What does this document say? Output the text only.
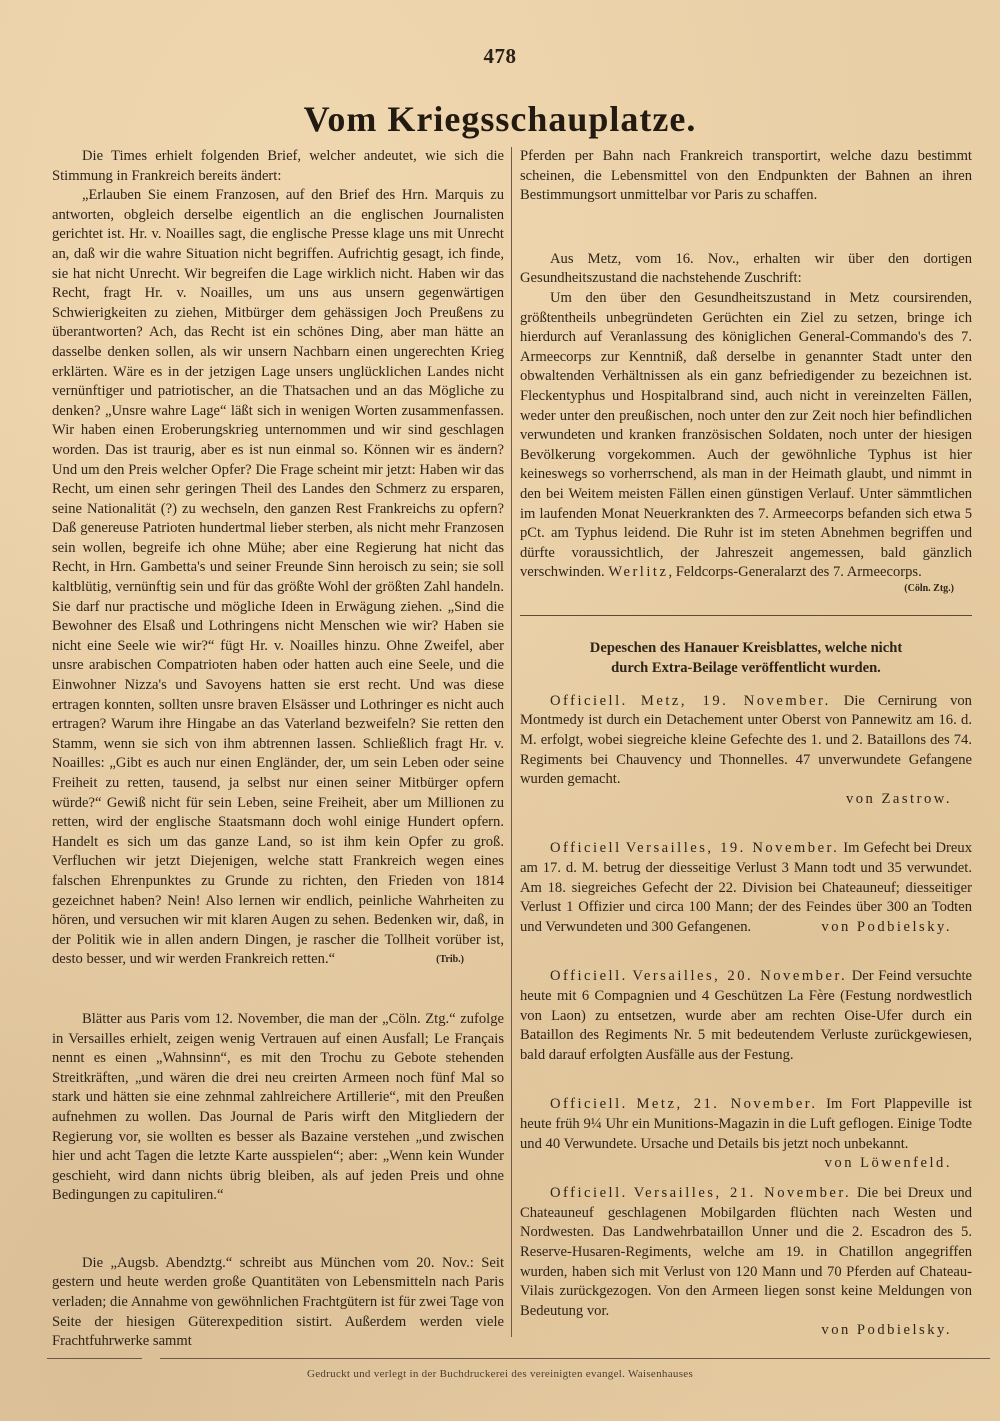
478
Vom Kriegsschauplatze.

Die Times erhielt folgenden Brief, welcher andeutet, wie sich die Stimmung in Frankreich bereits ändert:

„Erlauben Sie einem Franzosen, auf den Brief des Hrn. Marquis zu antworten, obgleich derselbe eigentlich an die englischen Journalisten gerichtet ist. Hr. v. Noailles sagt, die englische Presse klage uns mit Unrecht an, daß wir die wahre Situation nicht begriffen. Aufrichtig gesagt, ich finde, sie hat nicht Unrecht. Wir begreifen die Lage wirklich nicht. Haben wir das Recht, fragt Hr. v. Noailles, um uns aus unsern gegenwärtigen Schwierigkeiten zu ziehen, Mitbürger dem gehässigen Joch Preußens zu überantworten? Ach, das Recht ist ein schönes Ding, aber man hätte an dasselbe denken sollen, als wir unsern Nachbarn einen ungerechten Krieg erklärten. Wäre es in der jetzigen Lage unsers unglücklichen Landes nicht vernünftiger und patriotischer, an die Thatsachen und an das Mögliche zu denken? „Unsre wahre Lage“ läßt sich in wenigen Worten zusammenfassen. Wir haben einen Eroberungskrieg unternommen und wir sind geschlagen worden. Das ist traurig, aber es ist nun einmal so. Können wir es ändern? Und um den Preis welcher Opfer? Die Frage scheint mir jetzt: Haben wir das Recht, um einen sehr geringen Theil des Landes den Schmerz zu ersparen, seine Nationalität (?) zu wechseln, den ganzen Rest Frankreichs zu opfern? Daß genereuse Patrioten hundertmal lieber sterben, als nicht mehr Franzosen sein wollen, begreife ich ohne Mühe; aber eine Regierung hat nicht das Recht, in Hrn. Gambetta's und seiner Freunde Sinn heroisch zu sein; sie soll kaltblütig, vernünftig sein und für das größte Wohl der größten Zahl handeln. Sie darf nur practische und mögliche Ideen in Erwägung ziehen. „Sind die Bewohner des Elsaß und Lothringens nicht Menschen wie wir? Haben sie nicht eine Seele wie wir?“ fügt Hr. v. Noailles hinzu. Ohne Zweifel, aber unsre arabischen Compatrioten haben oder hatten auch eine Seele, und die Einwohner Nizza's und Savoyens hatten sie erst recht. Und was diese ertragen konnten, sollten unsre braven Elsässer und Lothringer es nicht auch ertragen? Warum ihre Hingabe an das Vaterland bezweifeln? Sie retten den Stamm, wenn sie sich von ihm abtrennen lassen. Schließlich fragt Hr. v. Noailles: „Gibt es auch nur einen Engländer, der, um sein Leben oder seine Freiheit zu retten, tausend, ja selbst nur einen seiner Mitbürger opfern würde?“ Gewiß nicht für sein Leben, seine Freiheit, aber um Millionen zu retten, wird der englische Staatsmann doch wohl einige Hundert opfern. Handelt es sich um das ganze Land, so ist ihm kein Opfer zu groß. Verfluchen wir jetzt Diejenigen, welche statt Frankreich wegen eines falschen Ehrenpunktes zu Grunde zu richten, den Frieden von 1814 gezeichnet haben? Nein! Also lernen wir endlich, peinliche Wahrheiten zu hören, und versuchen wir mit klaren Augen zu sehen. Bedenken wir, daß, in der Politik wie in allen andern Dingen, je rascher die Tollheit vorüber ist, desto besser, und wir werden Frankreich retten.“	(Trib.)

Blätter aus Paris vom 12. November, die man der „Cöln. Ztg.“ zufolge in Versailles erhielt, zeigen wenig Vertrauen auf einen Ausfall; Le Français nennt es einen „Wahnsinn“, es mit den Trochu zu Gebote stehenden Streitkräften, „und wären die drei neu creirten Armeen noch fünf Mal so stark und hätten sie eine zehnmal zahlreichere Artillerie“, mit den Preußen aufnehmen zu wollen. Das Journal de Paris wirft den Mitgliedern der Regierung vor, sie wollten es besser als Bazaine verstehen „und zwischen hier und acht Tagen die letzte Karte ausspielen“; aber: „Wenn kein Wunder geschieht, wird dann nichts übrig bleiben, als auf jeden Preis und ohne Bedingungen zu capituliren.“

Die „Augsb. Abendztg.“ schreibt aus München vom 20. Nov.: Seit gestern und heute werden große Quantitäten von Lebensmitteln nach Paris verladen; die Annahme von gewöhnlichen Frachtgütern ist für zwei Tage von Seite der hiesigen Güterexpedition sistirt. Außerdem werden viele Frachtfuhrwerke sammt

Pferden per Bahn nach Frankreich transportirt, welche dazu bestimmt scheinen, die Lebensmittel von den Endpunkten der Bahnen an ihren Bestimmungsort unmittelbar vor Paris zu schaffen.

Aus Metz, vom 16. Nov., erhalten wir über den dortigen Gesundheitszustand die nachstehende Zuschrift:

Um den über den Gesundheitszustand in Metz coursirenden, größtentheils unbegründeten Gerüchten ein Ziel zu setzen, bringe ich hierdurch auf Veranlassung des königlichen General-Commando's des 7. Armeecorps zur Kenntniß, daß derselbe in genannter Stadt unter den obwaltenden Verhältnissen als ein ganz befriedigender zu bezeichnen ist. Fleckentyphus und Hospitalbrand sind, auch nicht in vereinzelten Fällen, weder unter den preußischen, noch unter den zur Zeit noch hier befindlichen verwundeten und kranken französischen Soldaten, noch unter der hiesigen Bevölkerung vorgekommen. Auch der gewöhnliche Typhus ist hier keineswegs so vorherrschend, als man in der Heimath glaubt, und nimmt in den bei Weitem meisten Fällen einen günstigen Verlauf. Unter sämmtlichen im laufenden Monat Neuerkrankten des 7. Armeecorps befanden sich etwa 5 pCt. am Typhus leidend. Die Ruhr ist im steten Abnehmen begriffen und dürfte voraussichtlich, der Jahreszeit angemessen, bald gänzlich verschwinden. Werlitz, Feldcorps-Generalarzt des 7. Armeecorps.

(Cöln. Ztg.)
Depeschen des Hanauer Kreisblattes, welche nicht
durch Extra-Beilage veröffentlicht wurden.

Officiell. Metz, 19. November. Die Cernirung von Montmedy ist durch ein Detachement unter Oberst von Pannewitz am 16. d. M. erfolgt, wobei siegreiche kleine Gefechte des 1. und 2. Bataillons des 74. Regiments bei Chauvency und Thonnelles. 47 unverwundete Gefangene wurden gemacht.

von Zastrow.

Officiell Versailles, 19. November. Im Gefecht bei Dreux am 17. d. M. betrug der diesseitige Verlust 3 Mann todt und 35 verwundet. Am 18. siegreiches Gefecht der 22. Division bei Chateauneuf; diesseitiger Verlust 1 Offizier und circa 100 Mann; der des Feindes über 300 an Todten und Verwundeten und 300 Gefangenen.	von Podbielsky.

Officiell. Versailles, 20. November. Der Feind versuchte heute mit 6 Compagnien und 4 Geschützen La Fère (Festung nordwestlich von Laon) zu entsetzen, wurde aber am rechten Oise-Ufer durch ein Bataillon des Regiments Nr. 5 mit bedeutendem Verluste zurückgewiesen, bald darauf erfolgten Ausfälle aus der Festung.

Officiell. Metz, 21. November. Im Fort Plappeville ist heute früh 9¼ Uhr ein Munitions-Magazin in die Luft geflogen. Einige Todte und 40 Verwundete. Ursache und Details bis jetzt noch unbekannt.
von Löwenfeld.

Officiell. Versailles, 21. November. Die bei Dreux und Chateauneuf geschlagenen Mobilgarden flüchten nach Westen und Nordwesten. Das Landwehrbataillon Unner und die 2. Escadron des 5. Reserve-Husaren-Regiments, welche am 19. in Chatillon angegriffen wurden, haben sich mit Verlust von 120 Mann und 70 Pferden auf Chateau-Vilais zurückgezogen. Von den Armeen liegen sonst keine Meldungen von Bedeutung vor.

von Podbielsky.
Gedruckt und verlegt in der Buchdruckerei des vereinigten evangel. Waisenhauses
